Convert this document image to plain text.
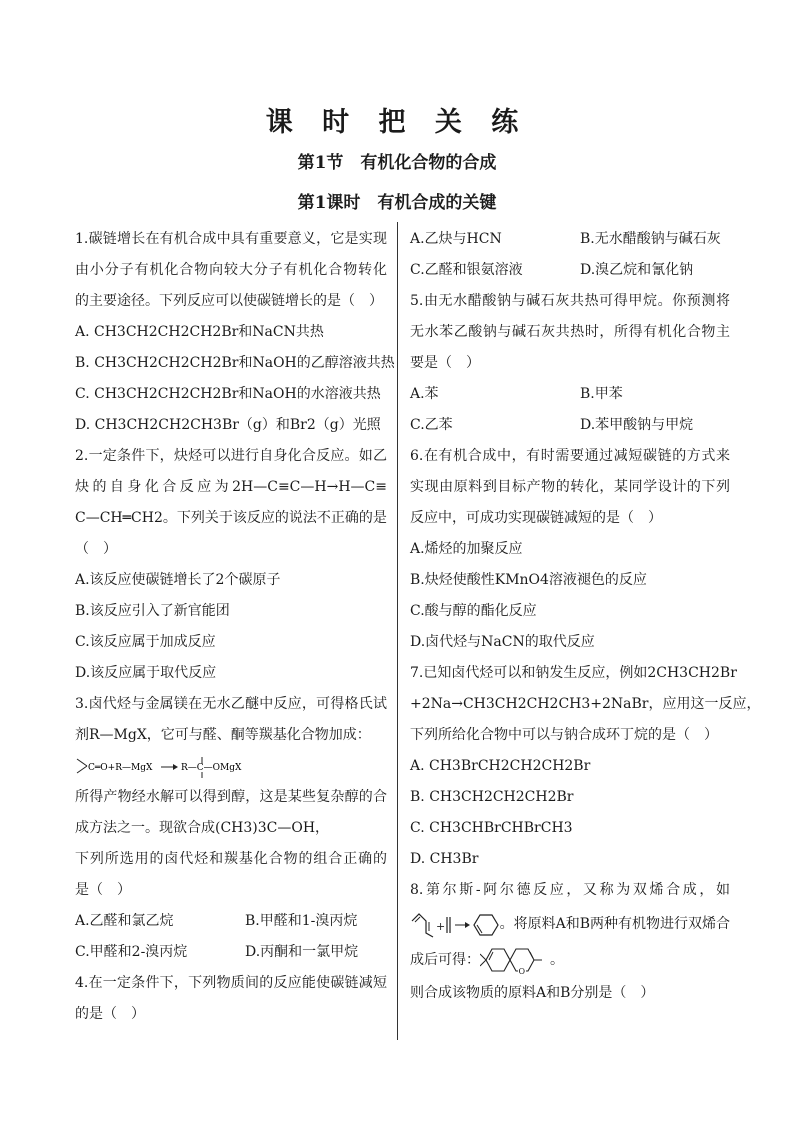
课 时 把 关 练
第1节　有机化合物的合成
第1课时　有机合成的关键
1.碳链增长在有机合成中具有重要意义，它是实现
由小分子有机化合物向较大分子有机化合物转化
的主要途径。下列反应可以使碳链增长的是（　）
A. CH3CH2CH2CH2Br和NaCN共热
B. CH3CH2CH2CH2Br和NaOH的乙醇溶液共热
C. CH3CH2CH2CH2Br和NaOH的水溶液共热
D. CH3CH2CH2CH3Br（g）和Br2（g）光照
2.一定条件下，炔烃可以进行自身化合反应。如乙
炔的自身化合反应为2H—C≡C—H→H—C≡
C—CH═CH2。下列关于该反应的说法不正确的是
（　）
A.该反应使碳链增长了2个碳原子
B.该反应引入了新官能团
C.该反应属于加成反应
D.该反应属于取代反应
3.卤代烃与金属镁在无水乙醚中反应，可得格氏试
剂R—MgX，它可与醛、酮等羰基化合物加成：
C═O+R—MgX	R—C—OMgX
所得产物经水解可以得到醇，这是某些复杂醇的合
成方法之一。现欲合成(CH3)3C—OH，
下列所选用的卤代烃和羰基化合物的组合正确的
是（　）
A.乙醛和氯乙烷	B.甲醛和1-溴丙烷
C.甲醛和2-溴丙烷	D.丙酮和一氯甲烷
4.在一定条件下，下列物质间的反应能使碳链减短
的是（　）
A.乙炔与HCN	B.无水醋酸钠与碱石灰
C.乙醛和银氨溶液	D.溴乙烷和氰化钠
5.由无水醋酸钠与碱石灰共热可得甲烷。你预测将
无水苯乙酸钠与碱石灰共热时，所得有机化合物主
要是（　）
A.苯	B.甲苯
C.乙苯	D.苯甲酸钠与甲烷
6.在有机合成中，有时需要通过减短碳链的方式来
实现由原料到目标产物的转化，某同学设计的下列
反应中，可成功实现碳链减短的是（　）
A.烯烃的加聚反应
B.炔烃使酸性KMnO4溶液褪色的反应
C.酸与醇的酯化反应
D.卤代烃与NaCN的取代反应
7.已知卤代烃可以和钠发生反应，例如2CH3CH2Br
+2Na→CH3CH2CH2CH3+2NaBr，应用这一反应，
下列所给化合物中可以与钠合成环丁烷的是（　）
A. CH3BrCH2CH2CH2Br
B. CH3CH2CH2CH2Br
C. CH3CHBrCHBrCH3
D. CH3Br
8.第尔斯-阿尔德反应，又称为双烯合成，如
+	。将原料A和B两种有机物进行双烯合
成后可得：
O
。
则合成该物质的原料A和B分别是（　）
